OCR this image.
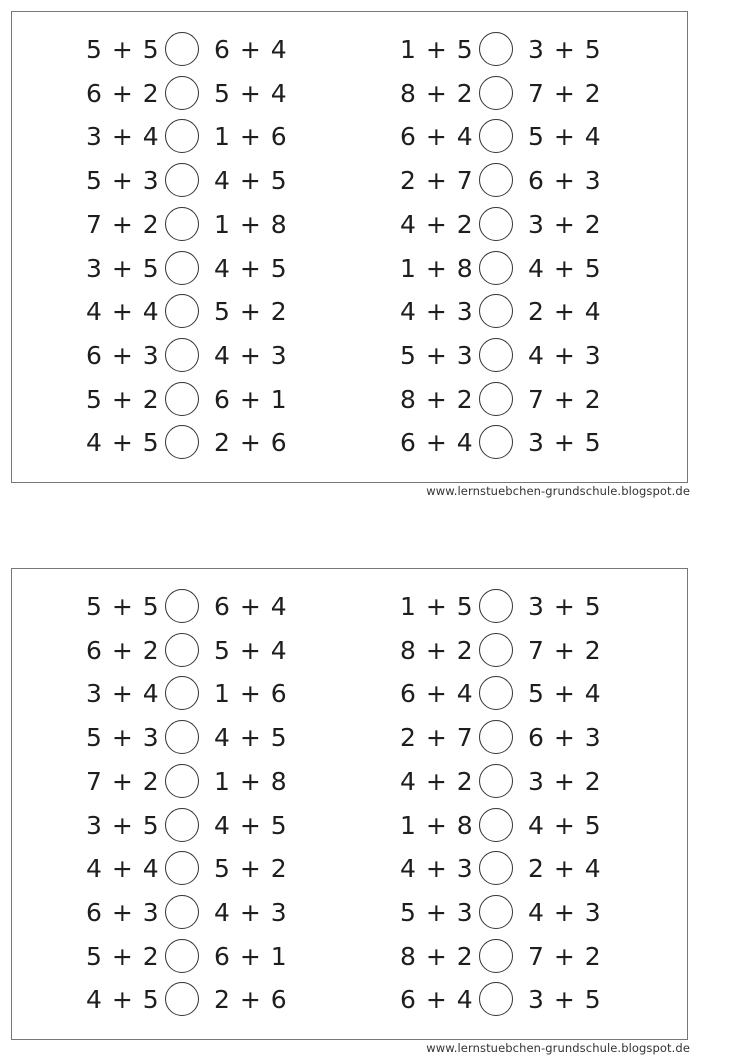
5 + 5 6 + 4
6 + 2 5 + 4
3 + 4 1 + 6
5 + 3 4 + 5
7 + 2 1 + 8
3 + 5 4 + 5
4 + 4 5 + 2
6 + 3 4 + 3
5 + 2 6 + 1
4 + 5 2 + 6
1 + 5 3 + 5
8 + 2 7 + 2
6 + 4 5 + 4
2 + 7 6 + 3
4 + 2 3 + 2
1 + 8 4 + 5
4 + 3 2 + 4
5 + 3 4 + 3
8 + 2 7 + 2
6 + 4 3 + 5
www.lernstuebchen-grundschule.blogspot.de
5 + 5 6 + 4
6 + 2 5 + 4
3 + 4 1 + 6
5 + 3 4 + 5
7 + 2 1 + 8
3 + 5 4 + 5
4 + 4 5 + 2
6 + 3 4 + 3
5 + 2 6 + 1
4 + 5 2 + 6
1 + 5 3 + 5
8 + 2 7 + 2
6 + 4 5 + 4
2 + 7 6 + 3
4 + 2 3 + 2
1 + 8 4 + 5
4 + 3 2 + 4
5 + 3 4 + 3
8 + 2 7 + 2
6 + 4 3 + 5
www.lernstuebchen-grundschule.blogspot.de
